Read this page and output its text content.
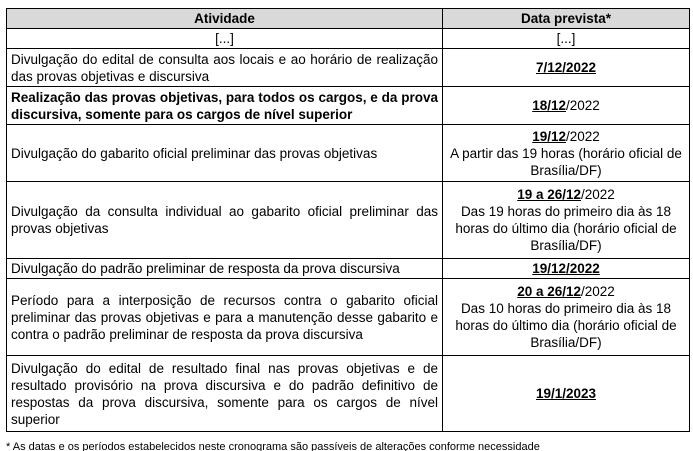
Atividade	Data prevista*
[...]	[...]
Divulgação do edital de consulta aos locais e ao horário de realização das provas objetivas e discursiva	7/12/2022
Realização das provas objetivas, para todos os cargos, e da prova discursiva, somente para os cargos de nível superior	18/12/2022
Divulgação do gabarito oficial preliminar das provas objetivas	19/12/2022
A partir das 19 horas (horário oficial de Brasília/DF)
Divulgação da consulta individual ao gabarito oficial preliminar das provas objetivas	19 a 26/12/2022
Das 19 horas do primeiro dia às 18 horas do último dia (horário oficial de Brasília/DF)
Divulgação do padrão preliminar de resposta da prova discursiva	19/12/2022
Período para a interposição de recursos contra o gabarito oficial preliminar das provas objetivas e para a manutenção desse gabarito e contra o padrão preliminar de resposta da prova discursiva	20 a 26/12/2022
Das 10 horas do primeiro dia às 18 horas do último dia (horário oficial de Brasília/DF)
Divulgação do edital de resultado final nas provas objetivas e de resultado provisório na prova discursiva e do padrão definitivo de respostas da prova discursiva, somente para os cargos de nível superior	19/1/2023
* As datas e os períodos estabelecidos neste cronograma são passíveis de alterações conforme necessidade
